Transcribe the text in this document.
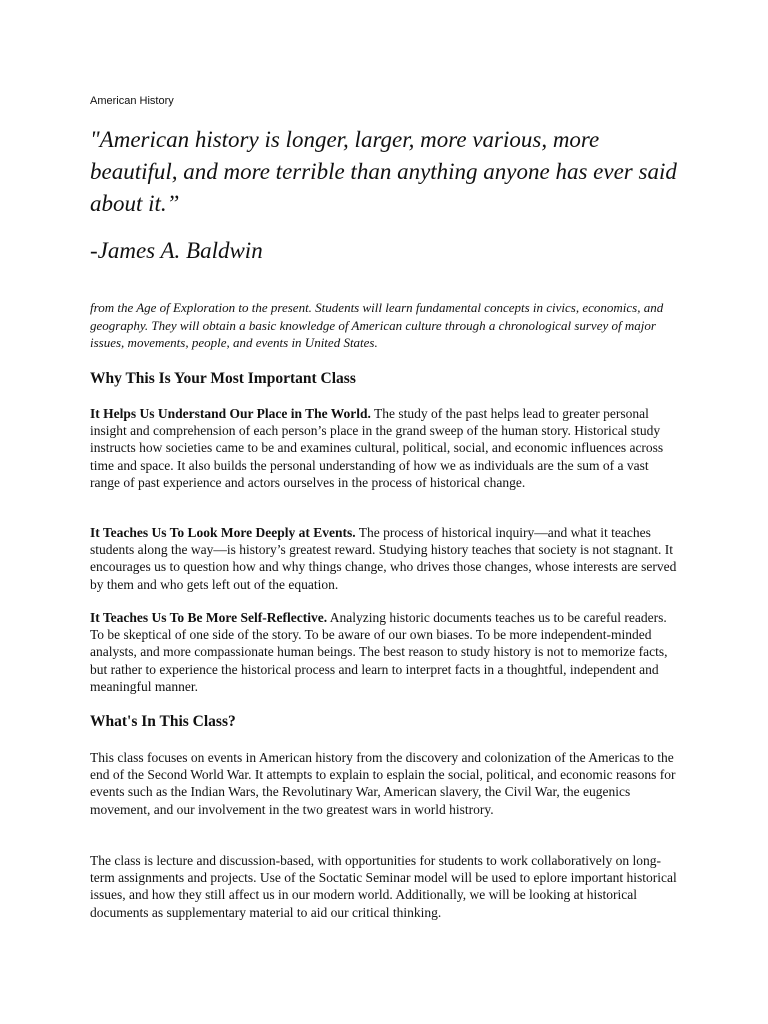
American History
"American history is longer, larger, more various, more beautiful, and more terrible than anything anyone has ever said about it.”
-James A. Baldwin
from the Age of Exploration to the present. Students will learn fundamental concepts in civics, economics, and geography. They will obtain a basic knowledge of American culture through a chronological survey of major issues, movements, people, and events in United States.
Why This Is Your Most Important Class
It Helps Us Understand Our Place in The World. The study of the past helps lead to greater personal insight and comprehension of each person’s place in the grand sweep of the human story. Historical study instructs how societies came to be and examines cultural, political, social, and economic influences across time and space. It also builds the personal understanding of how we as individuals are the sum of a vast range of past experience and actors ourselves in the process of historical change.
It Teaches Us To Look More Deeply at Events. The process of historical inquiry—and what it teaches students along the way—is history’s greatest reward. Studying history teaches that society is not stagnant. It encourages us to question how and why things change, who drives those changes, whose interests are served by them and who gets left out of the equation.
It Teaches Us To Be More Self-Reflective. Analyzing historic documents teaches us to be careful readers. To be skeptical of one side of the story. To be aware of our own biases. To be more independent-minded analysts, and more compassionate human beings. The best reason to study history is not to memorize facts, but rather to experience the historical process and learn to interpret facts in a thoughtful, independent and meaningful manner.
What's In This Class?
This class focuses on events in American history from the discovery and colonization of the Americas to the end of the Second World War. It attempts to explain to esplain the social, political, and economic reasons for events such as the Indian Wars, the Revolutinary War, American slavery, the Civil War, the eugenics movement, and our involvement in the two greatest wars in world histrory.
The class is lecture and discussion-based, with opportunities for students to work collaboratively on long-term assignments and projects. Use of the Soctatic Seminar model will be used to eplore important historical issues, and how they still affect us in our modern world. Additionally, we will be looking at historical documents as supplementary material to aid our critical thinking.
